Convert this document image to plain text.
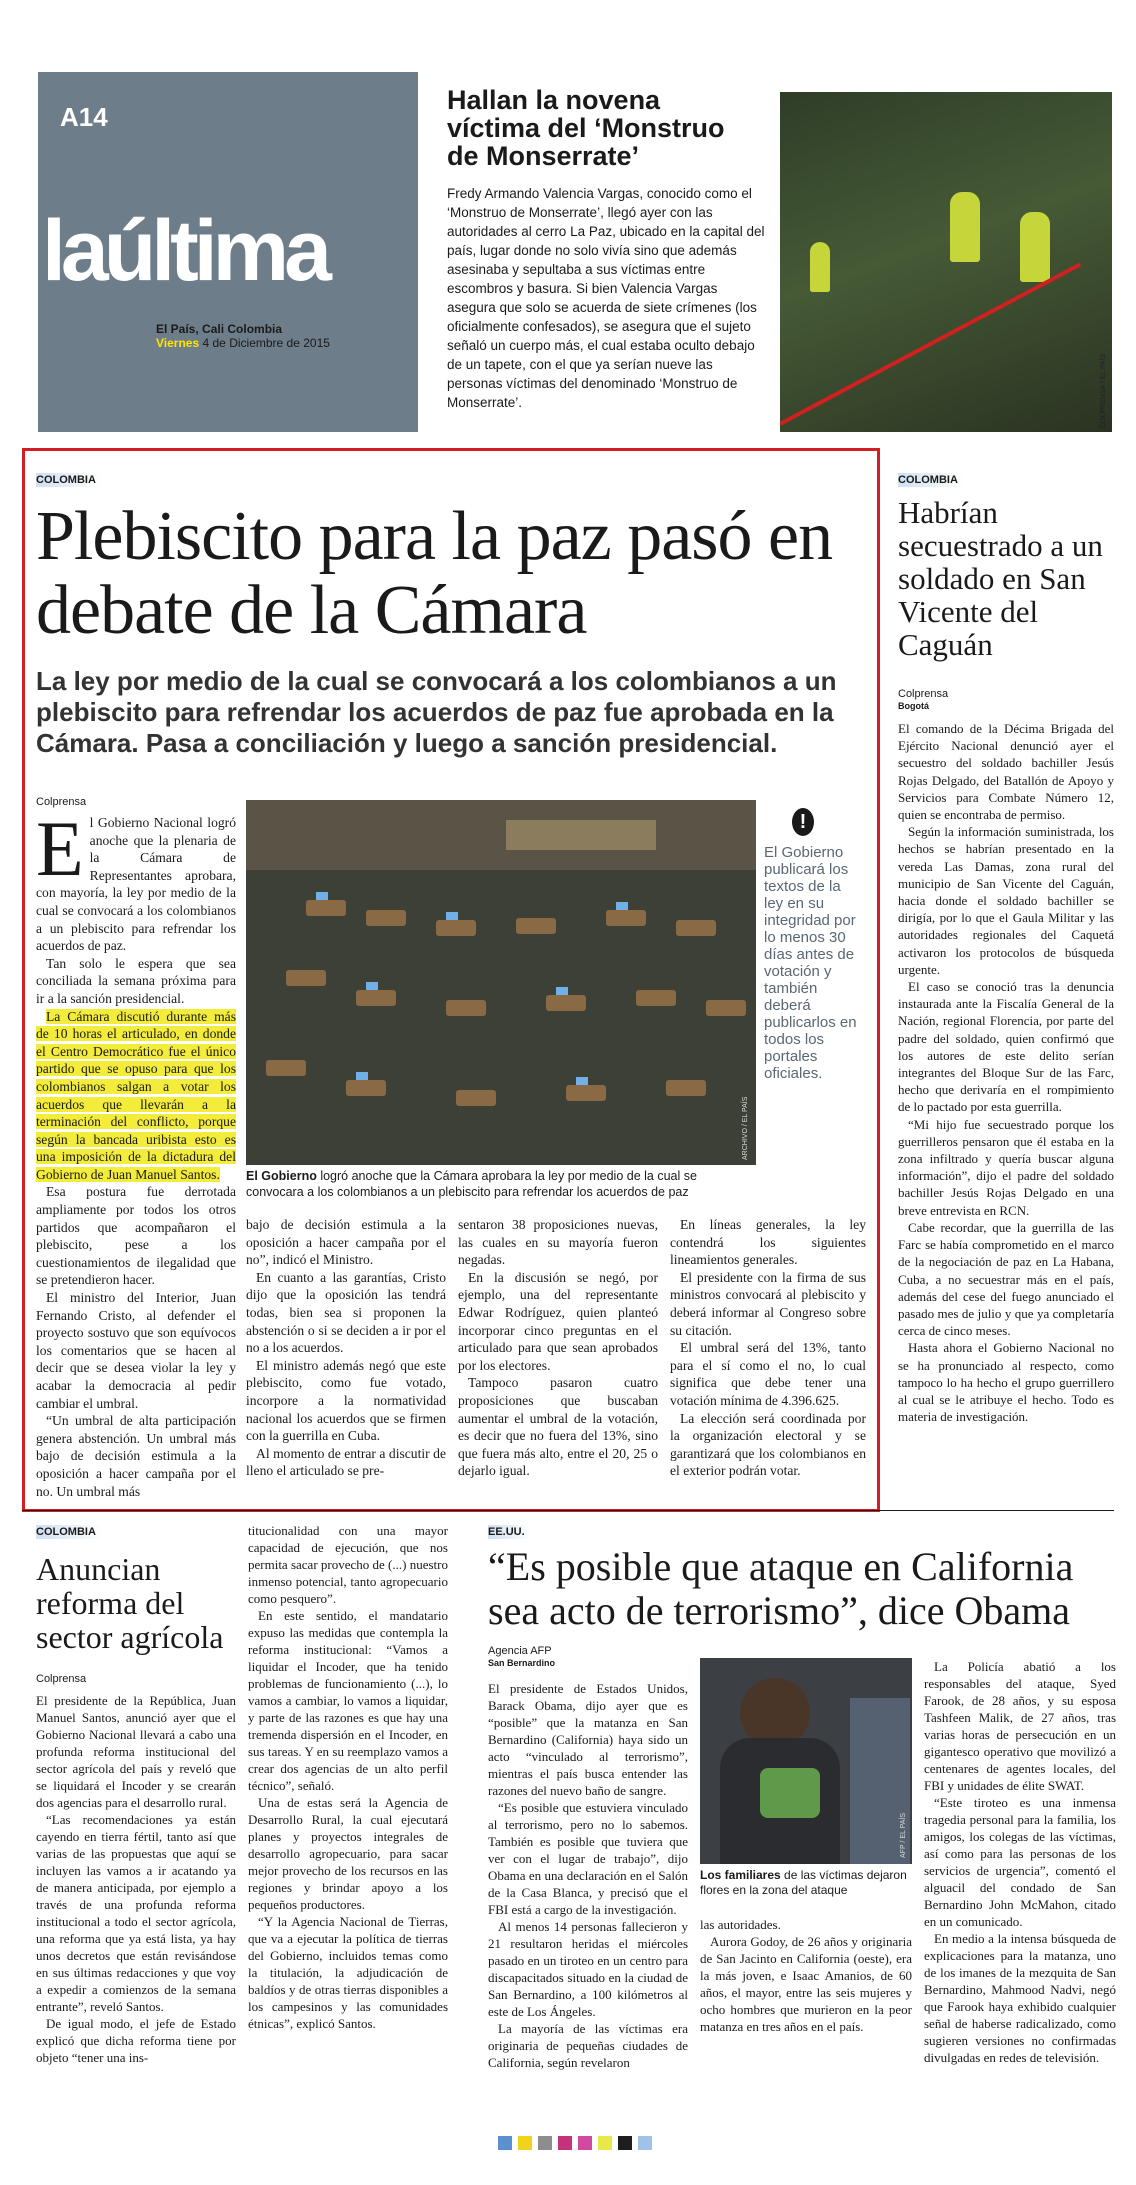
A14
laúltima
El País, Cali Colombia
Viernes 4 de Diciembre de 2015
Hallan la novena víctima del ‘Monstruo de Monserrate’
Fredy Armando Valencia Vargas, conocido como el ‘Monstruo de Monserrate’, llegó ayer con las autoridades al cerro La Paz, ubicado en la capital del país, lugar donde no solo vivía sino que además asesinaba y sepultaba a sus víctimas entre escombros y basura. Si bien Valencia Vargas asegura que solo se acuerda de siete crímenes (los oficialmente confesados), se asegura que el sujeto señaló un cuerpo más, el cual estaba oculto debajo de un tapete, con el que ya serían nueve las personas víctimas del denominado ‘Monstruo de Monserrate’.	COLPRENSA / EL PAÍS
COLOMBIA
Plebiscito para la paz pasó en debate de la Cámara
La ley por medio de la cual se convocará a los colombianos a un plebiscito para refrendar los acuerdos de paz fue aprobada en la Cámara. Pasa a conciliación y luego a sanción presidencial.
Colprensa
E l Gobierno Nacional logró anoche que la plenaria de la Cámara de Representantes aprobara, con mayoría, la ley por medio de la cual se convocará a los colombianos a un plebiscito para refrendar los acuerdos de paz.

Tan solo le espera que sea conciliada la semana próxima para ir a la sanción presidencial.

La Cámara discutió durante más de 10 horas el articulado, en donde el Centro Democrático fue el único partido que se opuso para que los colombianos salgan a votar los acuerdos que llevarán a la terminación del conflicto, porque según la bancada uribista esto es una imposición de la dictadura del Gobierno de Juan Manuel Santos.

Esa postura fue derrotada ampliamente por todos los otros partidos que acompañaron el plebiscito, pese a los cuestionamientos de ilegalidad que se pretendieron hacer.

El ministro del Interior, Juan Fernando Cristo, al defender el proyecto sostuvo que son equívocos los comentarios que se hacen al decir que se desea violar la ley y acabar la democracia al pedir cambiar el umbral.

“Un umbral de alta participación genera abstención. Un umbral más bajo de decisión estimula a la oposición a hacer campaña por el no. Un umbral más

ARCHIVO / EL PAÍS
El Gobierno logró anoche que la Cámara aprobara la ley por medio de la cual se convocara a los colombianos a un plebiscito para refrendar los acuerdos de paz
!
El Gobierno publicará los textos de la ley en su integridad por lo menos 30 días antes de votación y también deberá publicarlos en todos los portales oficiales.

bajo de decisión estimula a la oposición a hacer campaña por el no”, indicó el Ministro.

En cuanto a las garantías, Cristo dijo que la oposición las tendrá todas, bien sea si proponen la abstención o si se deciden a ir por el no a los acuerdos.

El ministro además negó que este plebiscito, como fue votado, incorpore a la normatividad nacional los acuerdos que se firmen con la guerrilla en Cuba.

Al momento de entrar a discutir de lleno el articulado se pre-

sentaron 38 proposiciones nuevas, las cuales en su mayoría fueron negadas.

En la discusión se negó, por ejemplo, una del representante Edwar Rodríguez, quien planteó incorporar cinco preguntas en el articulado para que sean aprobados por los electores.

Tampoco pasaron cuatro proposiciones que buscaban aumentar el umbral de la votación, es decir que no fuera del 13%, sino que fuera más alto, entre el 20, 25 o dejarlo igual.

En líneas generales, la ley contendrá los siguientes lineamientos generales.

El presidente con la firma de sus ministros convocará al plebiscito y deberá informar al Congreso sobre su citación.

El umbral será del 13%, tanto para el sí como el no, lo cual significa que debe tener una votación mínima de 4.396.625.

La elección será coordinada por la organización electoral y se garantizará que los colombianos en el exterior podrán votar.

COLOMBIA
Habrían secuestrado a un soldado en San Vicente del Caguán
Colprensa
Bogotá

El comando de la Décima Brigada del Ejército Nacional denunció ayer el secuestro del soldado bachiller Jesús Rojas Delgado, del Batallón de Apoyo y Servicios para Combate Número 12, quien se encontraba de permiso.

Según la información suministrada, los hechos se habrían presentado en la vereda Las Damas, zona rural del municipio de San Vicente del Caguán, hacia donde el soldado bachiller se dirigía, por lo que el Gaula Militar y las autoridades regionales del Caquetá activaron los protocolos de búsqueda urgente.

El caso se conoció tras la denuncia instaurada ante la Fiscalía General de la Nación, regional Florencia, por parte del padre del soldado, quien confirmó que los autores de este delito serían integrantes del Bloque Sur de las Farc, hecho que derivaría en el rompimiento de lo pactado por esta guerrilla.

“Mi hijo fue secuestrado porque los guerrilleros pensaron que él estaba en la zona infiltrado y quería buscar alguna información”, dijo el padre del soldado bachiller Jesús Rojas Delgado en una breve entrevista en RCN.

Cabe recordar, que la guerrilla de las Farc se había comprometido en el marco de la negociación de paz en La Habana, Cuba, a no secuestrar más en el país, además del cese del fuego anunciado el pasado mes de julio y que ya completaría cerca de cinco meses.

Hasta ahora el Gobierno Nacional no se ha pronunciado al respecto, como tampoco lo ha hecho el grupo guerrillero al cual se le atribuye el hecho. Todo es materia de investigación.

COLOMBIA
Anuncian reforma del sector agrícola
Colprensa

El presidente de la República, Juan Manuel Santos, anunció ayer que el Gobierno Nacional llevará a cabo una profunda reforma institucional del sector agrícola del país y reveló que se liquidará el Incoder y se crearán dos agencias para el desarrollo rural.

“Las recomendaciones ya están cayendo en tierra fértil, tanto así que varias de las propuestas que aquí se incluyen las vamos a ir acatando ya de manera anticipada, por ejemplo a través de una profunda reforma institucional a todo el sector agrícola, una reforma que ya está lista, ya hay unos decretos que están revisándose en sus últimas redacciones y que voy a expedir a comienzos de la semana entrante”, reveló Santos.

De igual modo, el jefe de Estado explicó que dicha reforma tiene por objeto “tener una ins-

titucionalidad con una mayor capacidad de ejecución, que nos permita sacar provecho de (...) nuestro inmenso potencial, tanto agropecuario como pesquero”.

En este sentido, el mandatario expuso las medidas que contempla la reforma institucional: “Vamos a liquidar el Incoder, que ha tenido problemas de funcionamiento (...), lo vamos a cambiar, lo vamos a liquidar, y parte de las razones es que hay una tremenda dispersión en el Incoder, en sus tareas. Y en su reemplazo vamos a crear dos agencias de un alto perfil técnico”, señaló.

Una de estas será la Agencia de Desarrollo Rural, la cual ejecutará planes y proyectos integrales de desarrollo agropecuario, para sacar mejor provecho de los recursos en las regiones y brindar apoyo a los pequeños productores.

“Y la Agencia Nacional de Tierras, que va a ejecutar la política de tierras del Gobierno, incluidos temas como la titulación, la adjudicación de baldíos y de otras tierras disponibles a los campesinos y las comunidades étnicas”, explicó Santos.

EE.UU.
“Es posible que ataque en California sea acto de terrorismo”, dice Obama
Agencia AFP
San Bernardino

El presidente de Estados Unidos, Barack Obama, dijo ayer que es “posible” que la matanza en San Bernardino (California) haya sido un acto “vinculado al terrorismo”, mientras el país busca entender las razones del nuevo baño de sangre.

“Es posible que estuviera vinculado al terrorismo, pero no lo sabemos. También es posible que tuviera que ver con el lugar de trabajo”, dijo Obama en una declaración en el Salón de la Casa Blanca, y precisó que el FBI está a cargo de la investigación.

Al menos 14 personas fallecieron y 21 resultaron heridas el miércoles pasado en un tiroteo en un centro para discapacitados situado en la ciudad de San Bernardino, a 100 kilómetros al este de Los Ángeles.

La mayoría de las víctimas era originaria de pequeñas ciudades de California, según revelaron

AFP / EL PAÍS
Los familiares de las víctimas dejaron flores en la zona del ataque

las autoridades.

Aurora Godoy, de 26 años y originaria de San Jacinto en California (oeste), era la más joven, e Isaac Amanios, de 60 años, el mayor, entre las seis mujeres y ocho hombres que murieron en la peor matanza en tres años en el país.

La Policía abatió a los responsables del ataque, Syed Farook, de 28 años, y su esposa Tashfeen Malik, de 27 años, tras varias horas de persecución en un gigantesco operativo que movilizó a centenares de agentes locales, del FBI y unidades de élite SWAT.

“Este tiroteo es una inmensa tragedia personal para la familia, los amigos, los colegas de las víctimas, así como para las personas de los servicios de urgencia”, comentó el alguacil del condado de San Bernardino John McMahon, citado en un comunicado.

En medio a la intensa búsqueda de explicaciones para la matanza, uno de los imanes de la mezquita de San Bernardino, Mahmood Nadvi, negó que Farook haya exhibido cualquier señal de haberse radicalizado, como sugieren versiones no confirmadas divulgadas en redes de televisión.
